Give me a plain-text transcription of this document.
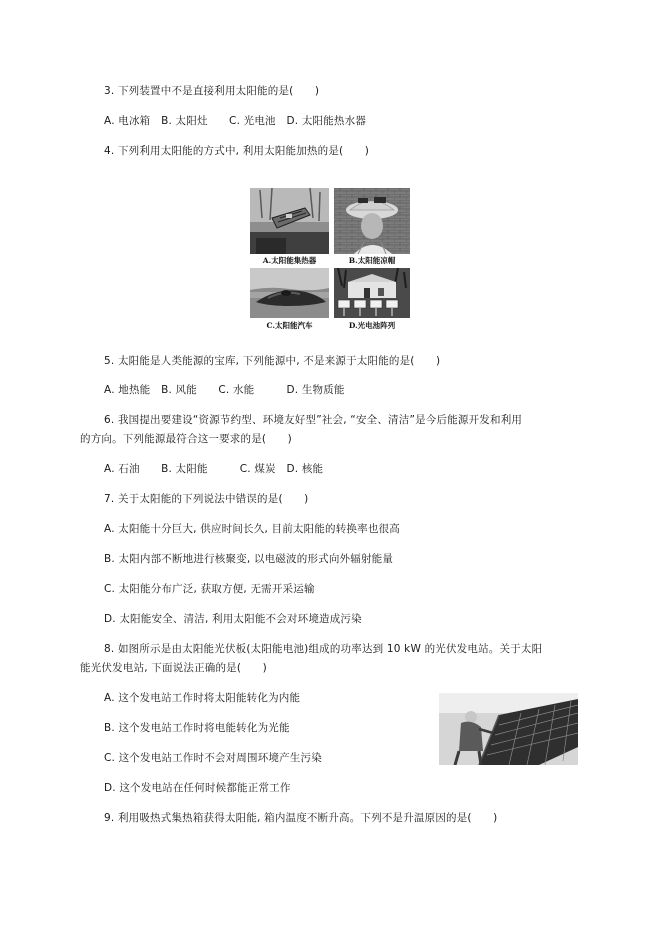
3. 下列装置中不是直接利用太阳能的是(　　)
A. 电冰箱　B. 太阳灶　　C. 光电池　D. 太阳能热水器
4. 下列利用太阳能的方式中, 利用太阳能加热的是(　　)
A.太阳能集热器	B.太阳能凉帽
C.太阳能汽车	D.光电池阵列
5. 太阳能是人类能源的宝库, 下列能源中, 不是来源于太阳能的是(　　)
A. 地热能　B. 风能　　C. 水能　　　D. 生物质能
6. 我国提出要建设“资源节约型、环境友好型”社会, “安全、清洁”是今后能源开发和利用
的方向。下列能源最符合这一要求的是(　　)
A. 石油　　B. 太阳能　　　C. 煤炭　D. 核能
7. 关于太阳能的下列说法中错误的是(　　)
A. 太阳能十分巨大, 供应时间长久, 目前太阳能的转换率也很高
B. 太阳内部不断地进行核聚变, 以电磁波的形式向外辐射能量
C. 太阳能分布广泛, 获取方便, 无需开采运输
D. 太阳能安全、清洁, 利用太阳能不会对环境造成污染
8. 如图所示是由太阳能光伏板(太阳能电池)组成的功率达到 10 kW 的光伏发电站。关于太阳
能光伏发电站, 下面说法正确的是(　　)
A. 这个发电站工作时将太阳能转化为内能
B. 这个发电站工作时将电能转化为光能
C. 这个发电站工作时不会对周围环境产生污染
D. 这个发电站在任何时候都能正常工作
9. 利用吸热式集热箱获得太阳能, 箱内温度不断升高。下列不是升温原因的是(　　)
